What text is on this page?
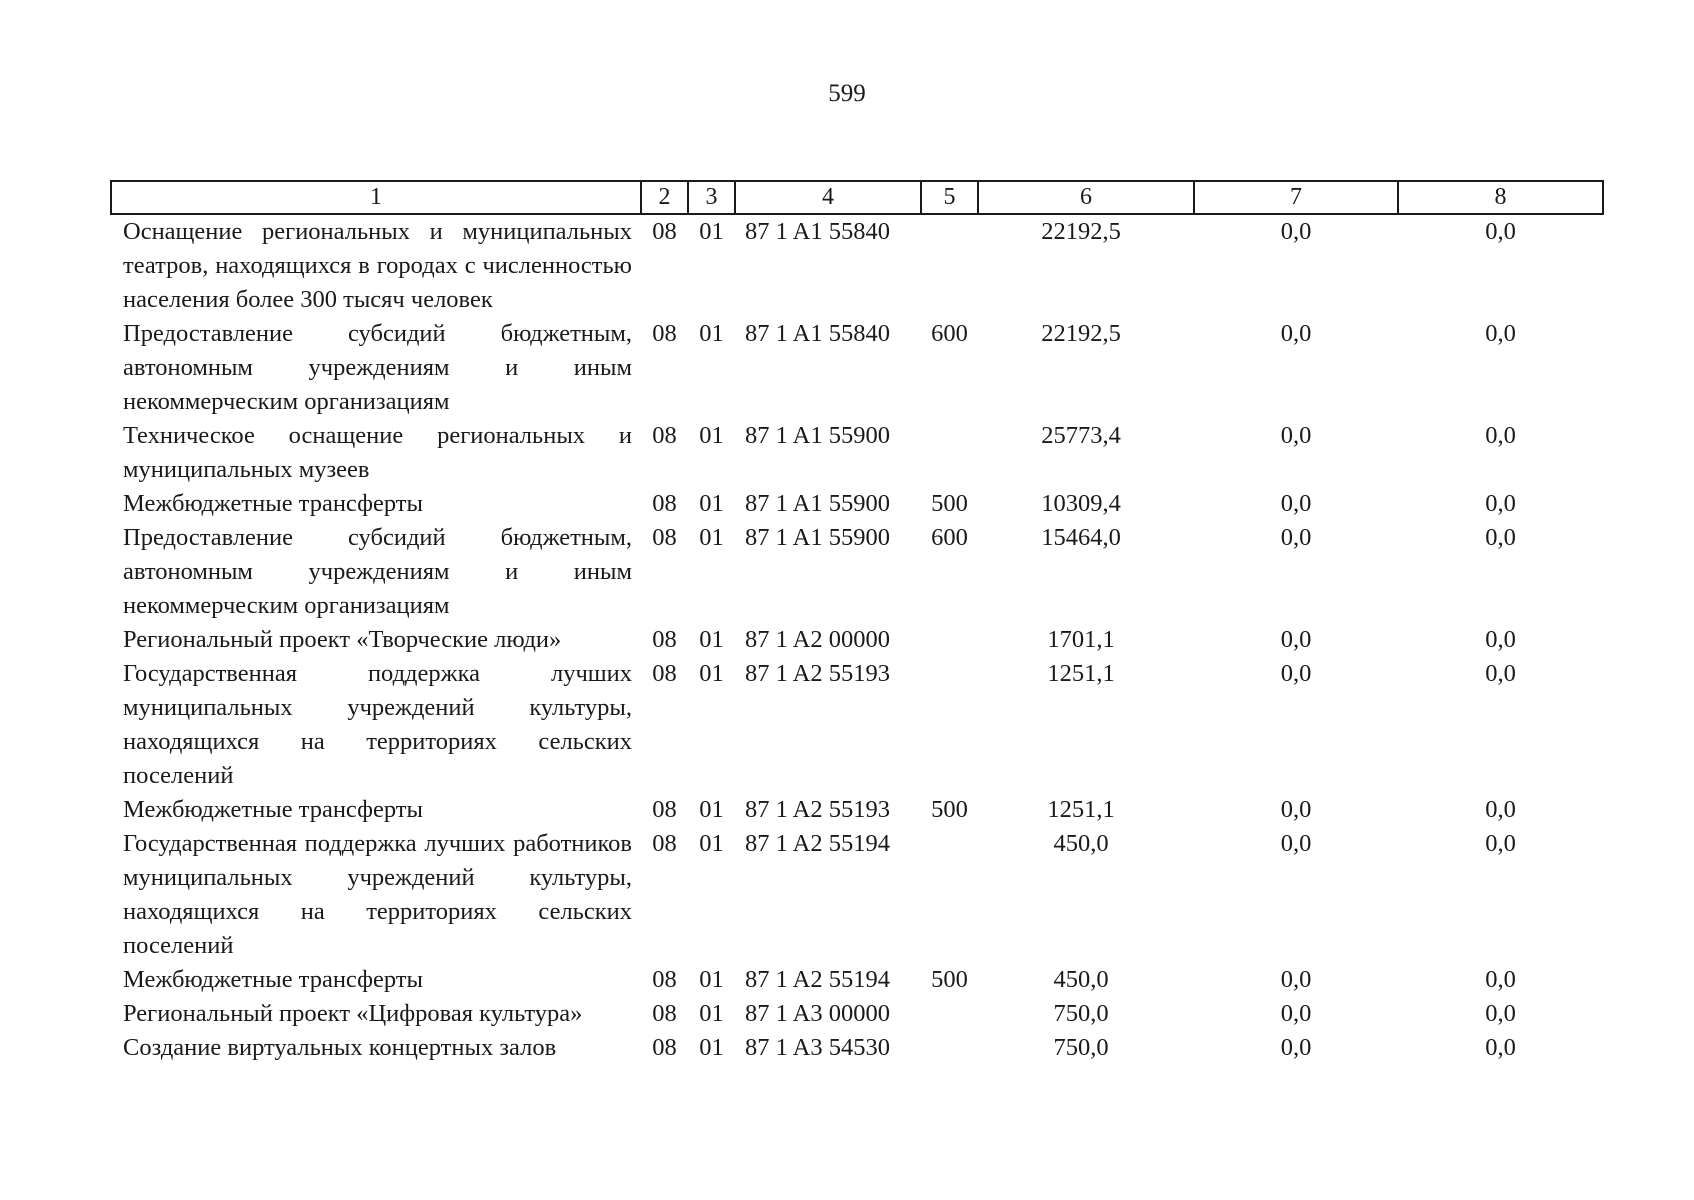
599
1	2	3	4	5	6	7	8
Оснащение региональных и муниципальных театров, находящихся в городах с численностью населения более 300 тысяч человек	08	01	87 1 A1 55840		22192,5	0,0	0,0
Предоставление субсидий бюджетным, автономным учреждениям и иным некоммерческим организациям	08	01	87 1 A1 55840	600	22192,5	0,0	0,0
Техническое оснащение региональных и муниципальных музеев	08	01	87 1 A1 55900		25773,4	0,0	0,0
Межбюджетные трансферты	08	01	87 1 A1 55900	500	10309,4	0,0	0,0
Предоставление субсидий бюджетным, автономным учреждениям и иным некоммерческим организациям	08	01	87 1 A1 55900	600	15464,0	0,0	0,0
Региональный проект «Творческие люди»	08	01	87 1 A2 00000		1701,1	0,0	0,0
Государственная поддержка лучших муниципальных учреждений культуры, находящихся на территориях сельских поселений	08	01	87 1 A2 55193		1251,1	0,0	0,0
Межбюджетные трансферты	08	01	87 1 A2 55193	500	1251,1	0,0	0,0
Государственная поддержка лучших работников муниципальных учреждений культуры, находящихся на территориях сельских поселений	08	01	87 1 A2 55194		450,0	0,0	0,0
Межбюджетные трансферты	08	01	87 1 A2 55194	500	450,0	0,0	0,0
Региональный проект «Цифровая культура»	08	01	87 1 A3 00000		750,0	0,0	0,0
Создание виртуальных концертных залов	08	01	87 1 A3 54530		750,0	0,0	0,0
